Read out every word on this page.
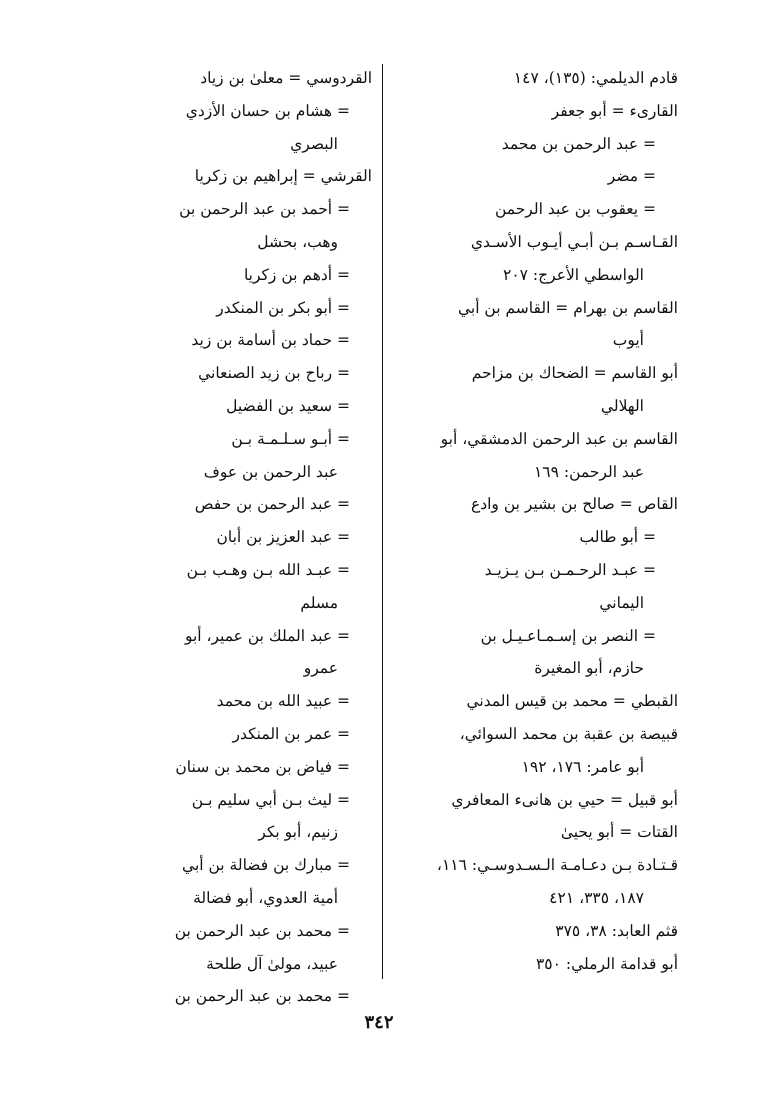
قادم الديلمي: (١٣٥)، ١٤٧
القارىء = أبو جعفر
= عبد الرحمن بن محمد
= مضر
= يعقوب بن عبد الرحمن
القـاسـم بـن أبـي أيـوب الأسـدي
الواسطي الأعرج: ٢٠٧
القاسم بن بهرام = القاسم بن أبي
أيوب
أبو القاسم = الضحاك بن مزاحم
الهلالي
القاسم بن عبد الرحمن الدمشقي، أبو
عبد الرحمن: ١٦٩
القاص = صالح بن بشير بن وادع
= أبو طالب
= عبـد الرحـمـن بـن يـزيـد
اليماني
= النصر بن إسـمـاعـيـل بن
حازم، أبو المغيرة
القبطي = محمد بن قيس المدني
قبيصة بن عقبة بن محمد السوائي،
أبو عامر: ١٧٦، ١٩٢
أبو قبيل = حيي بن هانىء المعافري
القتات = أبو يحيىٰ
قـتـادة بـن دعـامـة الـسـدوسـي: ١١٦،
١٨٧، ٣٣٥، ٤٢١
قثم العابد: ٣٨، ٣٧٥
أبو قدامة الرملي: ٣٥٠
القردوسي = معلىٰ بن زياد
= هشام بن حسان الأزدي
البصري
القرشي = إبراهيم بن زكريا
= أحمد بن عبد الرحمن بن
وهب، بحشل
= أدهم بن زكريا
= أبو بكر بن المنكدر
= حماد بن أسامة بن زيد
= رباح بن زيد الصنعاني
= سعيد بن الفضيل
= أبـو سـلـمـة بـن
عبد الرحمن بن عوف
= عبد الرحمن بن حفص
= عبد العزيز بن أبان
= عبـد الله بـن وهـب بـن
مسلم
= عبد الملك بن عمير، أبو
عمرو
= عبيد الله بن محمد
= عمر بن المنكدر
= فياض بن محمد بن سنان
= ليث بـن أبي سليم بـن
زنيم، أبو بكر
= مبارك بن فضالة بن أبي
أمية العدوي، أبو فضالة
= محمد بن عبد الرحمن بن
عبيد، مولىٰ آل طلحة
= محمد بن عبد الرحمن بن
٣٤٢
